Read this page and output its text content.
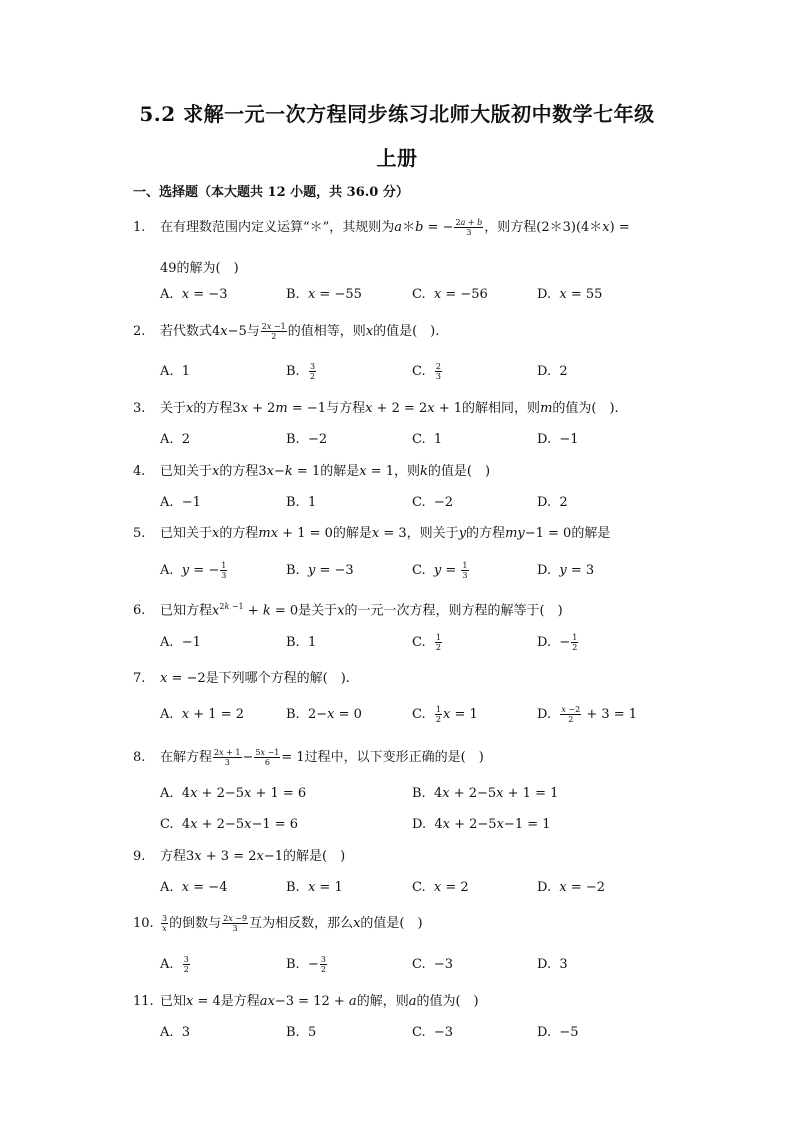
5.2 求解一元一次方程同步练习北师大版初中数学七年级
上册
一、选择题（本大题共 12 小题，共 36.0 分）
1. 在有理数范围内定义运算“＊”，其规则为a＊b = − $\frac{2a + b}{3}$ ，则方程(2＊3)(4＊x) =
49的解为(　)
A.  x = −3	B.  x = −55	C.  x = −56	D.  x = 55
2. 若代数式4x−5与 $\frac{2x -1}{2}$ 的值相等，则x的值是(　).
A.  1	B. $\frac{3}{2}$	C. $\frac{2}{3}$	D.  2
3. 关于x的方程3x + 2m = −1与方程x + 2 = 2x + 1的解相同，则m的值为(　).
A.  2	B.  −2	C.  1	D.  −1
4. 已知关于x的方程3x−k = 1的解是x = 1，则k的值是(　)
A.  −1	B.  1	C.  −2	D.  2
5. 已知关于x的方程mx + 1 = 0的解是x = 3，则关于y的方程my−1 = 0的解是
A.  y = − $\frac{1}{3}$	B.  y = −3	C.  $y = \frac{1}{3}$	D.  y = 3
6. 已知方程$x^{2k -1} + k = 0$是关于x的一元一次方程，则方程的解等于(　)
A.  −1	B.  1	C. $\frac{1}{2}$	D.  − $\frac{1}{2}$
7. x = −2是下列哪个方程的解(　).
A.  x + 1 = 2	B.  2−x = 0	C. $\frac{1}{2}$ x = 1	D. $\frac{x -2}{2} + 3 = 1$
8. 在解方程 $\frac{2x + 1}{3} - \frac{5x -1}{6} = 1$过程中，以下变形正确的是(　)
A.  4x + 2−5x + 1 = 6	B.  4x + 2−5x + 1 = 1
C.  4x + 2−5x−1 = 6	D.  4x + 2−5x−1 = 1
9. 方程3x + 3 = 2x−1的解是(　)
A.  x = −4	B.  x = 1	C.  x = 2	D.  x = −2
10. $\frac{3}{x}$ 的倒数与 $\frac{2x -9}{3}$ 互为相反数，那么x的值是(　)
A. $\frac{3}{2}$	B.  − $\frac{3}{2}$	C.  −3	D.  3
11. 已知x = 4是方程ax−3 = 12 + a的解，则a的值为(　)
A.  3	B.  5	C.  −3	D.  −5
